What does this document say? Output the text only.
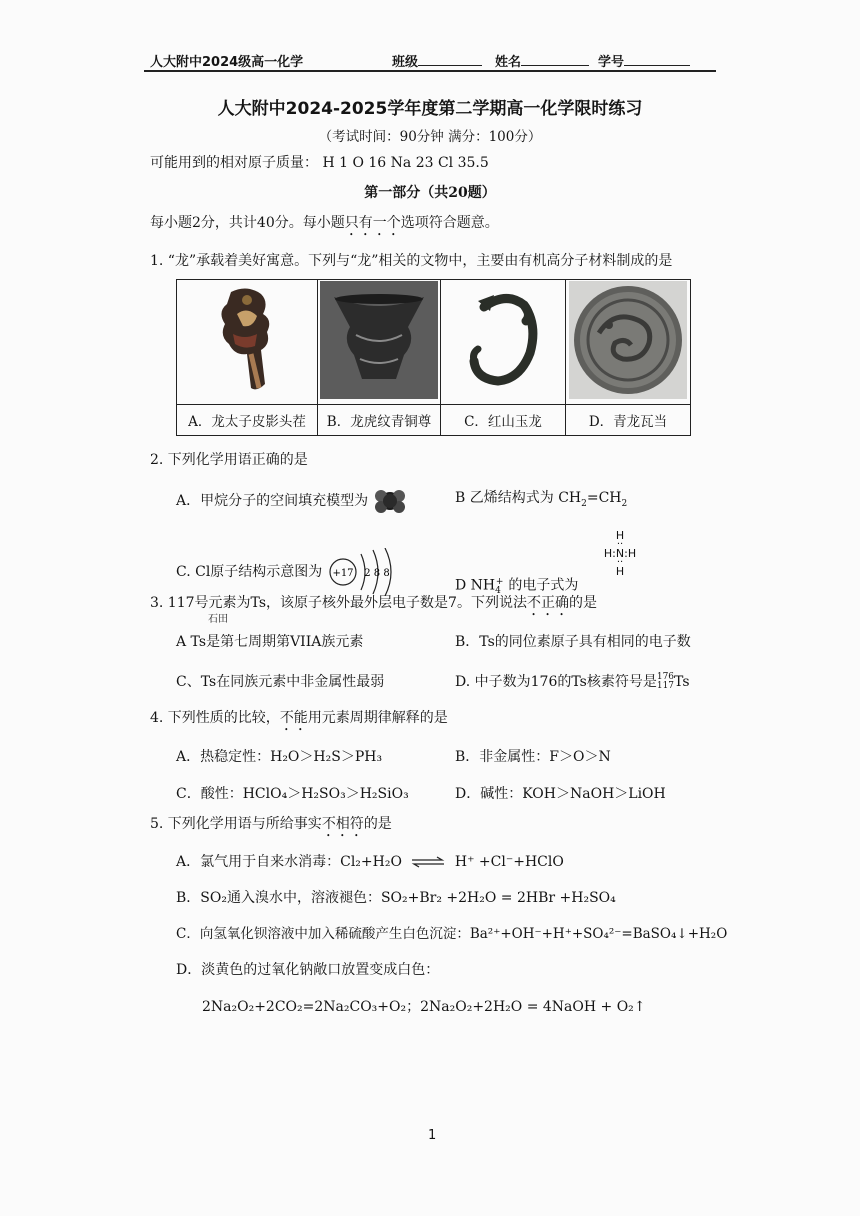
人大附中2024级高一化学	班级	姓名	学号
人大附中2024-2025学年度第二学期高一化学限时练习
（考试时间：90分钟 满分：100分）
可能用到的相对原子质量： H 1 O 16 Na 23 Cl 35.5
第一部分（共20题）
每小题2分，共计40分。每小题只有一个选项符合题意。
1. “龙”承载着美好寓意。下列与“龙”相关的文物中，主要由有机高分子材料制成的是

A．龙太子皮影头茬	B．龙虎纹青铜尊	C．红山玉龙	D．青龙瓦当
2. 下列化学用语正确的是
A．甲烷分子的空间填充模型为	B 乙烯结构式为 $CH_2=CH_2$
C. Cl原子结构示意图为 +17 2 8 8
D $NH_4^+$ 的电子式为
H
··
H:N:H
··
H
3. 117号元素为Ts，该原子核外最外层电子数是7。下列说法不正确的是
石田
A Ts是第七周期第VIIA族元素	B．Ts的同位素原子具有相同的电子数
C、Ts在同族元素中非金属性最弱	D. 中子数为176的Ts核素符号是 176
117 Ts
4. 下列性质的比较，不能用元素周期律解释的是
A．热稳定性：H₂O＞H₂S＞PH₃	B．非金属性：F＞O＞N
C．酸性：HClO₄＞H₂SO₃＞H₂SiO₃	D．碱性：KOH＞NaOH＞LiOH
5. 下列化学用语与所给事实不相符的是
A．氯气用于自来水消毒：Cl₂+H₂O ⇌ H⁺ +Cl⁻+HClO
B．SO₂通入溴水中，溶液褪色：SO₂+Br₂ +2H₂O = 2HBr +H₂SO₄
C．向氢氧化钡溶液中加入稀硫酸产生白色沉淀：Ba²⁺+OH⁻+H⁺+SO₄²⁻=BaSO₄↓+H₂O
D．淡黄色的过氧化钠敞口放置变成白色：
2Na₂O₂+2CO₂=2Na₂CO₃+O₂；2Na₂O₂+2H₂O = 4NaOH + O₂↑
1
